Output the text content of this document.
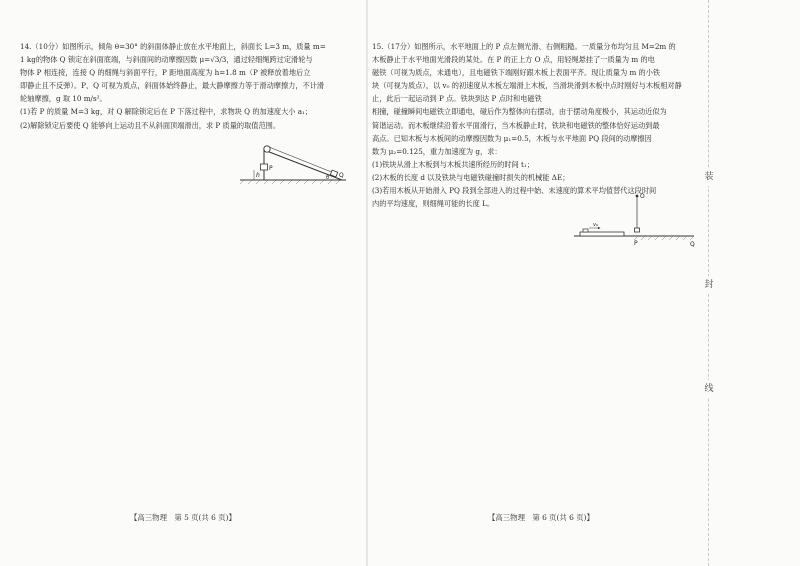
装
封
线

14.（10分）如图所示，倾角 θ=30° 的斜面体静止放在水平地面上，斜面长 L=3 m，质量 m=

1 kg的物体 Q 锁定在斜面底端，与斜面间的动摩擦因数 μ=√3/3，通过轻细绳跨过定滑轮与

物体 P 相连接，连接 Q 的细绳与斜面平行，P 距地面高度为 h=1.8 m（P 被释放着地后立

即静止且不反弹）。P、Q 可视为质点，斜面体始终静止，最大静摩擦力等于滑动摩擦力，不计滑

轮轴摩擦，g 取 10 m/s²。

(1)若 P 的质量 M=3 kg，对 Q 解除锁定后在 P 下落过程中，求物块 Q 的加速度大小 a₁；

(2)解除锁定后要使 Q 能够向上运动且不从斜面顶端滑出，求 P 质量的取值范围。

P
h	Q
θ

15.（17分）如图所示，水平地面上的 P 点左侧光滑、右侧粗糙。一质量分布均匀且 M=2m 的

木板静止于水平地面光滑段的某处。在 P 的正上方 O 点，用轻绳悬挂了一质量为 m 的电

磁铁（可视为质点，未通电），且电磁铁下端刚好跟木板上表面平齐。现让质量为 m 的小铁

块（可视为质点），以 v₀ 的初速度从木板左端滑上木板，当滑块滑到木板中点时刚好与木板相对静

止，此后一起运动到 P 点。铁块到达 P 点时和电磁铁

相撞，碰撞瞬间电磁铁立即通电，碰后作为整体向右摆动，由于摆动角度极小，其运动近似为

简谐运动。而木板继续沿着水平面滑行，当木板静止时，铁块和电磁铁的整体恰好运动到最

高点。已知木板与木板间的动摩擦因数为 μ₁=0.5，木板与水平地面 PQ 段间的动摩擦因

数为 μ₂=0.125，重力加速度为 g，求：

(1)铁块从滑上木板到与木板共速所经历的时间 t₁；

(2)木板的长度 d 以及铁块与电磁铁碰撞时损失的机械能 ΔE；

(3)若用木板从开始滑入 PQ 段到全部进入的过程中始、末速度的算术平均值替代这段时间

内的平均速度，则细绳可能的长度 L。

O
v₀
P	Q
【高三物理　第 5 页(共 6 页)】	【高三物理　第 6 页(共 6 页)】
